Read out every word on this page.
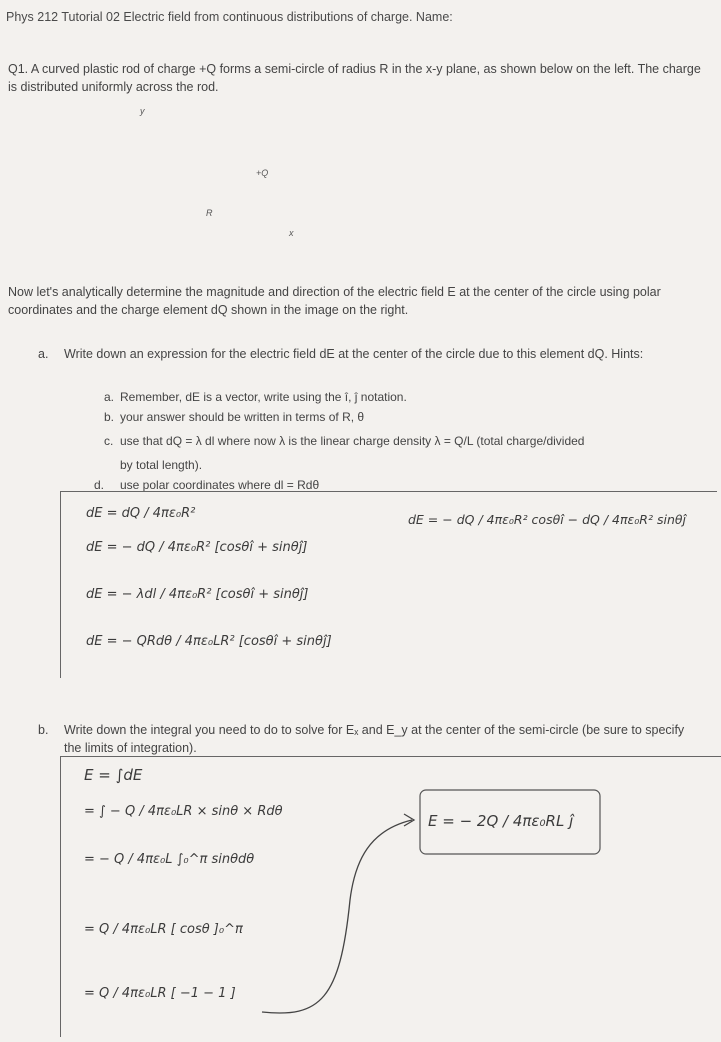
Phys 212 Tutorial 02 Electric field from continuous distributions of charge. Name:
Q1. A curved plastic rod of charge +Q forms a semi-circle of radius R in the x-y plane, as shown below on the left. The charge is distributed uniformly across the rod.
y
+Q
R
x
Now let's analytically determine the magnitude and direction of the electric field E at the center of the circle using polar coordinates and the charge element dQ shown in the image on the right.
a. Write down an expression for the electric field dE at the center of the circle due to this element dQ. Hints:
a. Remember, dE is a vector, write using the î, ĵ notation.
b. your answer should be written in terms of R, θ
c. use that dQ = λ dl where now λ is the linear charge density λ = Q/L (total charge/divided
by total length).
d. use polar coordinates where dl = Rdθ
dE = dQ / 4πε₀R²
dE = − dQ / 4πε₀R² [cosθî + sinθĵ]
dE = − λdl / 4πε₀R² [cosθî + sinθĵ]
dE = − QRdθ / 4πε₀LR² [cosθî + sinθĵ]
dE = − dQ / 4πε₀R² cosθî − dQ / 4πε₀R² sinθĵ
b. Write down the integral you need to do to solve for Eₓ and E_y at the center of the semi-circle (be sure to specify the limits of integration).
E = ∫dE
= ∫ − Q / 4πε₀LR × sinθ × Rdθ
= − Q / 4πε₀L ∫₀^π sinθdθ
= Q / 4πε₀LR [ cosθ ]₀^π
= Q / 4πε₀LR [ −1 − 1 ]
E = − 2Q / 4πε₀RL ĵ
